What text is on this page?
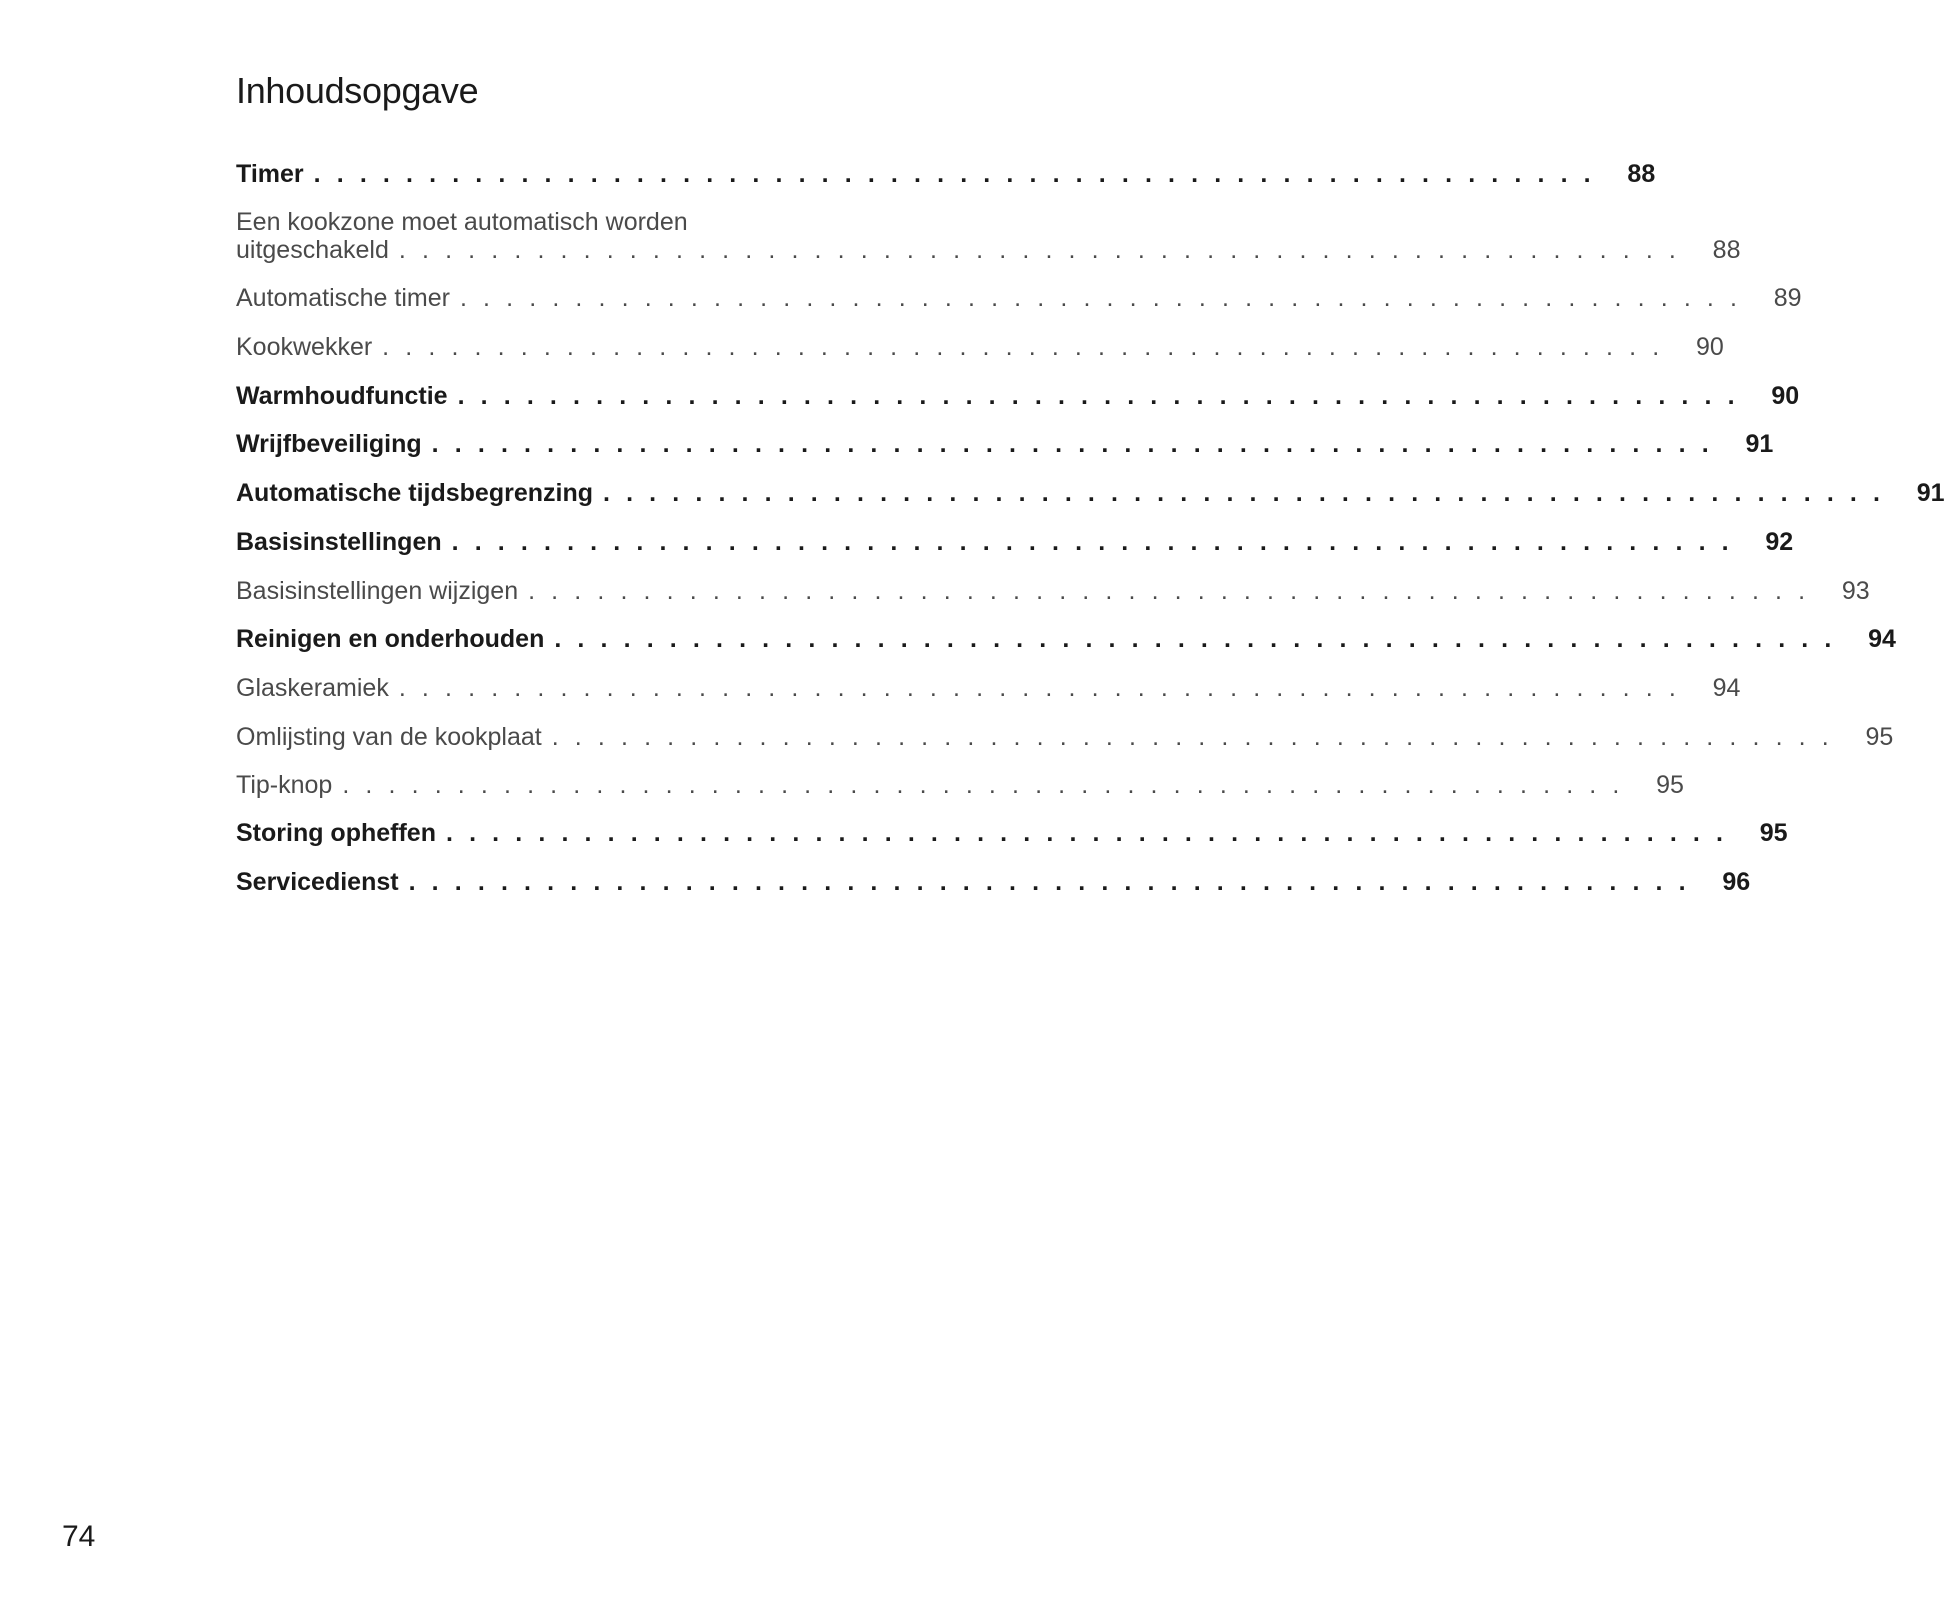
Inhoudsopgave
Timer . . . . . . . . . . . . . . . . . . . . . . . . . . . . . . . . . . . . . . . . . . . . . . . . . . . . . . . . 88
Een kookzone moet automatisch worden
uitgeschakeld . . . . . . . . . . . . . . . . . . . . . . . . . . . . . . . . . . . . . . . . . . . . . . . . . . . . . . . . 88
Automatische timer . . . . . . . . . . . . . . . . . . . . . . . . . . . . . . . . . . . . . . . . . . . . . . . . . . . . . . . . 89
Kookwekker . . . . . . . . . . . . . . . . . . . . . . . . . . . . . . . . . . . . . . . . . . . . . . . . . . . . . . . . 90
Warmhoudfunctie . . . . . . . . . . . . . . . . . . . . . . . . . . . . . . . . . . . . . . . . . . . . . . . . . . . . . . . . 90
Wrijfbeveiliging . . . . . . . . . . . . . . . . . . . . . . . . . . . . . . . . . . . . . . . . . . . . . . . . . . . . . . . . 91
Automatische tijdsbegrenzing . . . . . . . . . . . . . . . . . . . . . . . . . . . . . . . . . . . . . . . . . . . . . . . . . . . . . . . . 91
Basisinstellingen . . . . . . . . . . . . . . . . . . . . . . . . . . . . . . . . . . . . . . . . . . . . . . . . . . . . . . . . 92
Basisinstellingen wijzigen . . . . . . . . . . . . . . . . . . . . . . . . . . . . . . . . . . . . . . . . . . . . . . . . . . . . . . . . 93
Reinigen en onderhouden . . . . . . . . . . . . . . . . . . . . . . . . . . . . . . . . . . . . . . . . . . . . . . . . . . . . . . . . 94
Glaskeramiek . . . . . . . . . . . . . . . . . . . . . . . . . . . . . . . . . . . . . . . . . . . . . . . . . . . . . . . . 94
Omlijsting van de kookplaat . . . . . . . . . . . . . . . . . . . . . . . . . . . . . . . . . . . . . . . . . . . . . . . . . . . . . . . . 95
Tip-knop . . . . . . . . . . . . . . . . . . . . . . . . . . . . . . . . . . . . . . . . . . . . . . . . . . . . . . . . 95
Storing opheffen . . . . . . . . . . . . . . . . . . . . . . . . . . . . . . . . . . . . . . . . . . . . . . . . . . . . . . . . 95
Servicedienst . . . . . . . . . . . . . . . . . . . . . . . . . . . . . . . . . . . . . . . . . . . . . . . . . . . . . . . . 96
74
